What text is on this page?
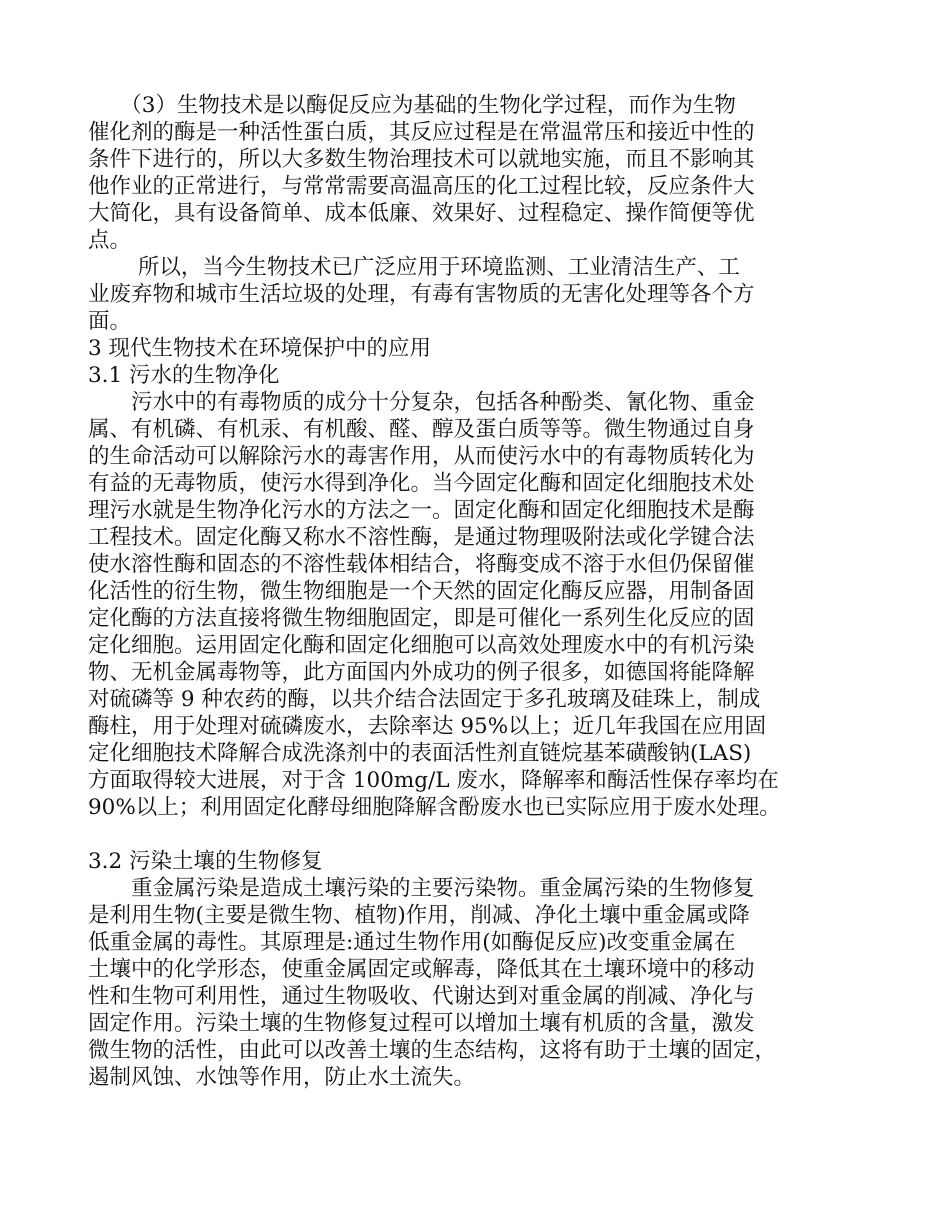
　　（3）生物技术是以酶促反应为基础的生物化学过程，而作为生物
催化剂的酶是一种活性蛋白质，其反应过程是在常温常压和接近中性的
条件下进行的，所以大多数生物治理技术可以就地实施，而且不影响其
他作业的正常进行，与常常需要高温高压的化工过程比较，反应条件大
大简化，具有设备简单、成本低廉、效果好、过程稳定、操作简便等优
点。
　　 所以，当今生物技术已广泛应用于环境监测、工业清洁生产、工
业废弃物和城市生活垃圾的处理，有毒有害物质的无害化处理等各个方
面。
3 现代生物技术在环境保护中的应用
3.1 污水的生物净化
　　污水中的有毒物质的成分十分复杂，包括各种酚类、氰化物、重金
属、有机磷、有机汞、有机酸、醛、醇及蛋白质等等。微生物通过自身
的生命活动可以解除污水的毒害作用，从而使污水中的有毒物质转化为
有益的无毒物质，使污水得到净化。当今固定化酶和固定化细胞技术处
理污水就是生物净化污水的方法之一。固定化酶和固定化细胞技术是酶
工程技术。固定化酶又称水不溶性酶，是通过物理吸附法或化学键合法
使水溶性酶和固态的不溶性载体相结合，将酶变成不溶于水但仍保留催
化活性的衍生物，微生物细胞是一个天然的固定化酶反应器，用制备固
定化酶的方法直接将微生物细胞固定，即是可催化一系列生化反应的固
定化细胞。运用固定化酶和固定化细胞可以高效处理废水中的有机污染
物、无机金属毒物等，此方面国内外成功的例子很多，如德国将能降解
对硫磷等 9 种农药的酶，以共介结合法固定于多孔玻璃及硅珠上，制成
酶柱，用于处理对硫磷废水，去除率达 95%以上；近几年我国在应用固
定化细胞技术降解合成洗涤剂中的表面活性剂直链烷基苯磺酸钠(LAS)
方面取得较大进展，对于含 100mg/L 废水，降解率和酶活性保存率均在
90%以上；利用固定化酵母细胞降解含酚废水也已实际应用于废水处理。
3.2 污染土壤的生物修复
　　重金属污染是造成土壤污染的主要污染物。重金属污染的生物修复
是利用生物(主要是微生物、植物)作用，削减、净化土壤中重金属或降
低重金属的毒性。其原理是:通过生物作用(如酶促反应)改变重金属在
土壤中的化学形态，使重金属固定或解毒，降低其在土壤环境中的移动
性和生物可利用性，通过生物吸收、代谢达到对重金属的削减、净化与
固定作用。污染土壤的生物修复过程可以增加土壤有机质的含量，激发
微生物的活性，由此可以改善土壤的生态结构，这将有助于土壤的固定，
遏制风蚀、水蚀等作用，防止水土流失。
